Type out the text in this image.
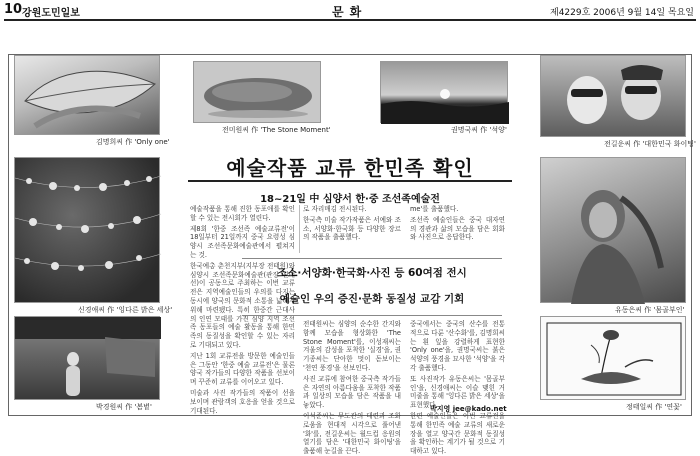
10 강원도민일보	문화	제4229호 2006년 9월 14일 목요일
김명희씨 作 'Only one'
신경애씨 作 '잉다른 밝은 세상'
박경원씨 作 '봄볕'
전미원씨 作 'The Stone Moment'	권명국씨 作 '석양'
전길운씨 作 '대한민국 화이팅'
유동은씨 作 '몸골부인'
정태일씨 作 '연꽃'
예술작품 교류 한민족 확인
18~21일 中 심양서 한·중 조선족예술전

예술작품을 통해 진한 동포애를 확인할 수 있는 전시회가 열린다.

제8회 '한중 조선족 예술교류전'이 18일부터 21일까지 중국 요령성 심양시 조선족문화예술관에서 펼쳐지는 것.

한국예총 춘천지부(지부장 전태원)와 심양시 조선족문화예술관(관장 진태선)이 공동으로 주최하는 이번 교류전은 지역예술인들의 우의를 다지는 동시에 양국의 문화적 소통을 넓히기 위해 마련됐다. 특히 한중간 근대사의 인연 모태를 가진 심양 지역 조선족 동포들의 예술 활동을 통해 한민족의 동질성을 확인할 수 있는 자리로 기대되고 있다.

지난 1회 교류전을 방문한 예술인들은 그동안 '한중 예술 교류전'은 물론 양국 작가들의 다양한 작품을 선보이며 꾸준히 교류를 이어오고 있다.

미술과 사진 작가들의 작품이 선을 보이며 관람객의 호응을 얻을 것으로 기대된다.

로 자리매김 전시된다.

한국측 미술 작가작품은 서예와 조소, 서양화·한국화 등 다양한 장르의 작품을 출품했다.

me'를 출품했다.

조선족 예술인들은 중국 대자연의 경관과 삶의 모습을 담은 회화와 사진으로 응답한다.

조소·서양화·한국화·사진 등 60여점 전시
예술인 우의 증진·문화 동질성 교감 기회

전태원씨는 심양의 순수한 간지와 함께 모습을 형상화한 'The Stone Moment'를, 이성재씨는 겨울의 감성을 포착한 '실경'을, 권기종씨는 단아한 멋이 돋보이는 '천연 풍경'을 선보인다.

사진 교류에 참여한 중국측 작가들은 자연의 아름다움을 포착한 작품과 일상의 모습을 담은 작품을 내놓았다.

이석준씨는 무도관의 대련과 조화로움을 현대적 시각으로 풀어낸 '화'를, 전길운씨는 월드컵 응원의 열기를 담은 '대한민국 화이팅'을 출품해 눈길을 끈다.

중국에서는 중국의 산수를 전통적으로 다룬 '산수화'를, 김명희씨는 흰 잎을 강렬하게 표현한 'Only one'을, 권명국씨는 붉은 석양의 풍경을 묘사한 '석양'을 각각 출품했다.

또 사진작가 유동은씨는 '몸골부인'을, 신경애씨는 이슬 맺힌 거미줄을 통해 '잉다른 밝은 세상'을 표현했다.

한편 예술인들은 이번 교류전을 통해 한민족 예술 교류의 새로운 장을 열고 양국간 문화적 동질성을 확인하는 계기가 될 것으로 기대하고 있다.

박지영 jee@kado.net
